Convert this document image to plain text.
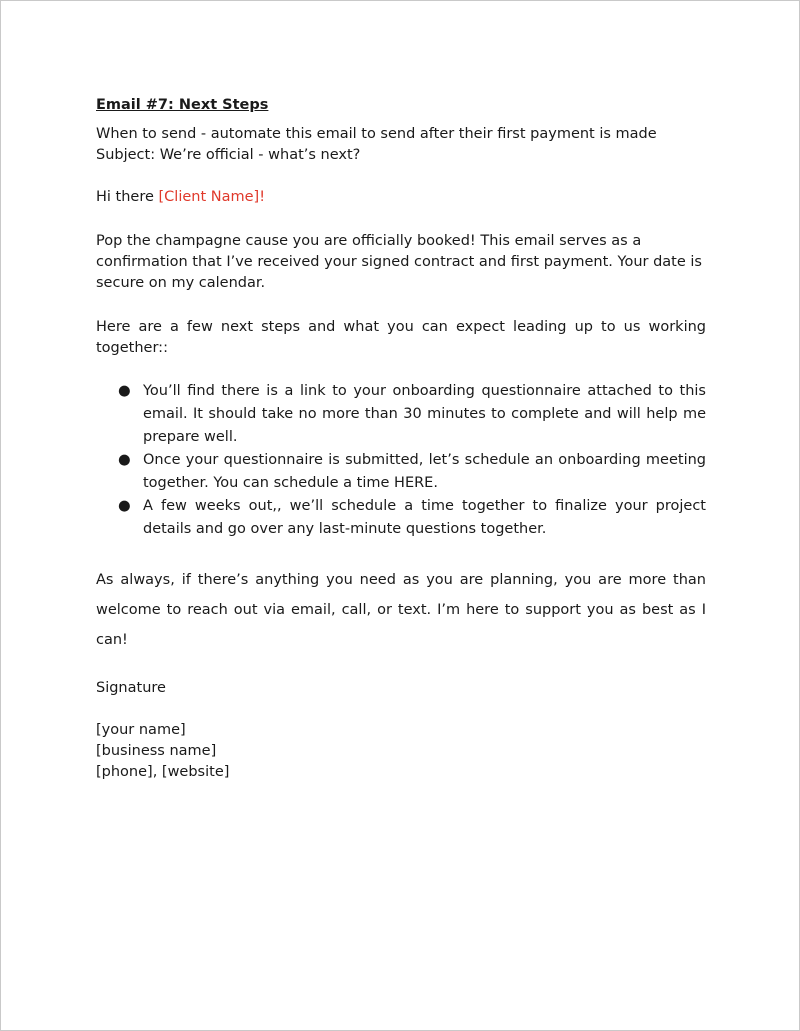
Email #7: Next Steps

When to send - automate this email to send after their first payment is made

Subject: We’re official - what’s next?

Hi there [Client Name]!

Pop the champagne cause you are officially booked! This email serves as a confirmation that I’ve received your signed contract and first payment. Your date is secure on my calendar.

Here are a few next steps and what you can expect leading up to us working together::

● You’ll find there is a link to your onboarding questionnaire attached to this email. It should take no more than 30 minutes to complete and will help me prepare well.
● Once your questionnaire is submitted, let’s schedule an onboarding meeting together. You can schedule a time HERE.
● A few weeks out,, we’ll schedule a time together to finalize your project details and go over any last-minute questions together.

As always, if there’s anything you need as you are planning, you are more than welcome to reach out via email, call, or text. I’m here to support you as best as I can!

Signature

[your name]

[business name]

[phone], [website]
